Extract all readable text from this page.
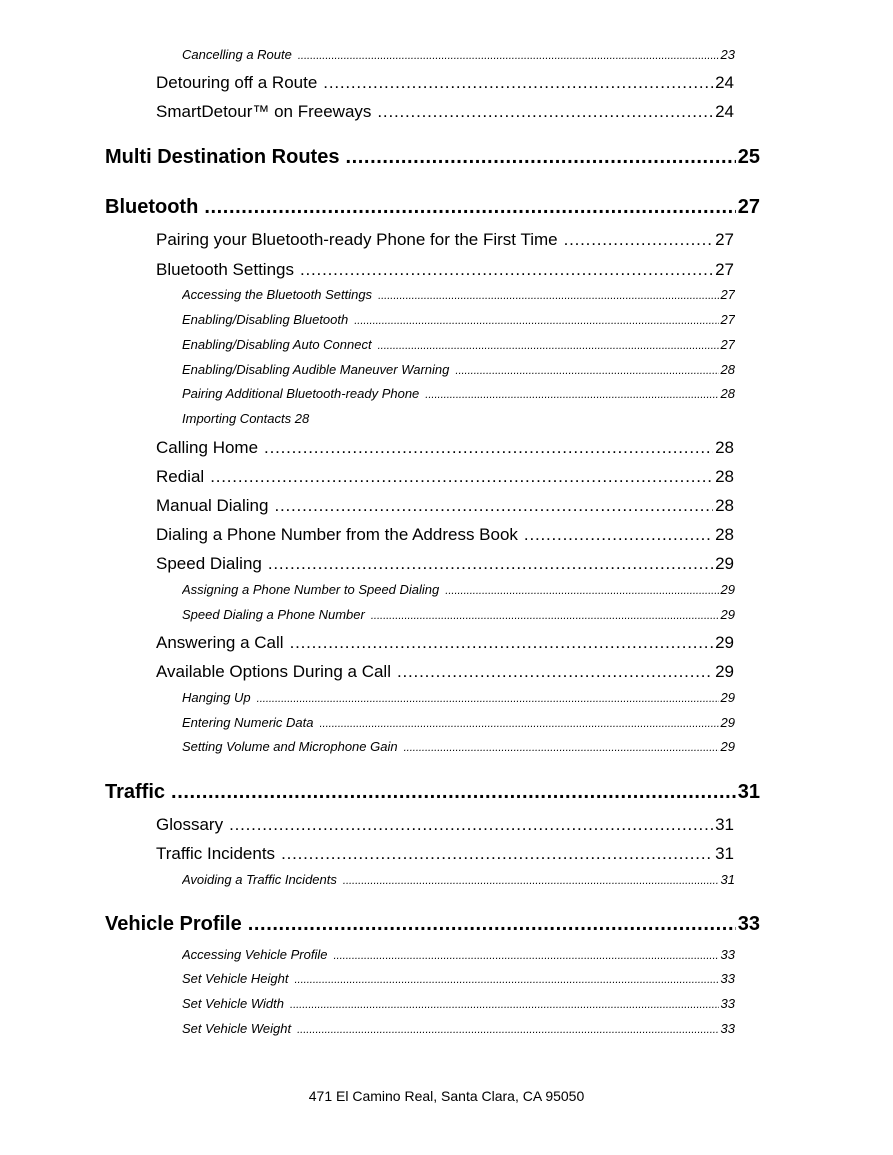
Cancelling a Route .....	23
Detouring off a Route .....	24
SmartDetour™ on Freeways .....	24
Multi Destination Routes .....	25
Bluetooth .....	27
Pairing your Bluetooth-ready Phone for the First Time .....	27
Bluetooth Settings .....	27
Accessing the Bluetooth Settings .....	27
Enabling/Disabling Bluetooth .....	27
Enabling/Disabling Auto Connect .....	27
Enabling/Disabling Audible Maneuver Warning .....	28
Pairing Additional Bluetooth-ready Phone .....	28
Importing Contacts 28
Calling Home .....	28
Redial .....	28
Manual Dialing .....	28
Dialing a Phone Number from the Address Book .....	28
Speed Dialing .....	29
Assigning a Phone Number to Speed Dialing .....	29
Speed Dialing a Phone Number .....	29
Answering a Call .....	29
Available Options During a Call .....	29
Hanging Up .....	29
Entering Numeric Data .....	29
Setting Volume and Microphone Gain .....	29
Traffic .....	31
Glossary .....	31
Traffic Incidents .....	31
Avoiding a Traffic Incidents .....	31
Vehicle Profile .....	33
Accessing Vehicle Profile .....	33
Set Vehicle Height .....	33
Set Vehicle Width .....	33
Set Vehicle Weight .....	33
471 El Camino Real, Santa Clara, CA 95050
